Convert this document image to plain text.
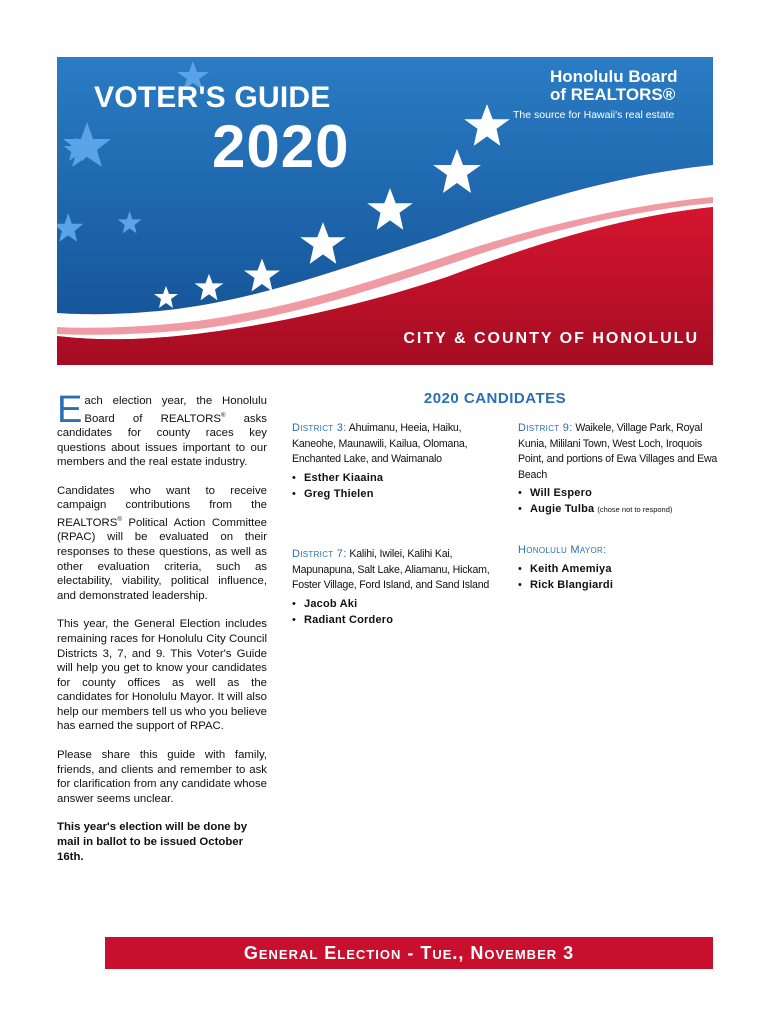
VOTER'S GUIDE
2020
Honolulu Board
of REALTORS®
The source for Hawaii's real estate
CITY & COUNTY OF HONOLULU

Each election year, the Honolulu Board of REALTORS® asks candidates for county races key questions about issues important to our members and the real estate industry.

Candidates who want to receive campaign contributions from the REALTORS® Political Action Committee (RPAC) will be evaluated on their responses to these questions, as well as other evaluation criteria, such as electability, viability, political influence, and demonstrated leadership.

This year, the General Election includes remaining races for Honolulu City Council Districts 3, 7, and 9. This Voter's Guide will help you get to know your candidates for county offices as well as the candidates for Honolulu Mayor. It will also help our members tell us who you believe has earned the support of RPAC.

Please share this guide with family, friends, and clients and remember to ask for clarification from any candidate whose answer seems unclear.

This year's election will be done by mail in ballot to be issued October 16th.

2020 CANDIDATES
District 3: Ahuimanu, Heeia, Haiku, Kaneohe, Maunawili, Kailua, Olomana, Enchanted Lake, and Waimanalo
• Esther Kiaaina
• Greg Thielen
District 9: Waikele, Village Park, Royal Kunia, Mililani Town, West Loch, Iroquois Point, and portions of Ewa Villages and Ewa Beach
• Will Espero
• Augie Tulba (chose not to respond)
District 7: Kalihi, Iwilei, Kalihi Kai, Mapunapuna, Salt Lake, Aliamanu, Hickam, Foster Village, Ford Island, and Sand Island
• Jacob Aki
• Radiant Cordero
Honolulu Mayor:
• Keith Amemiya
• Rick Blangiardi
General Election - Tue., November 3
